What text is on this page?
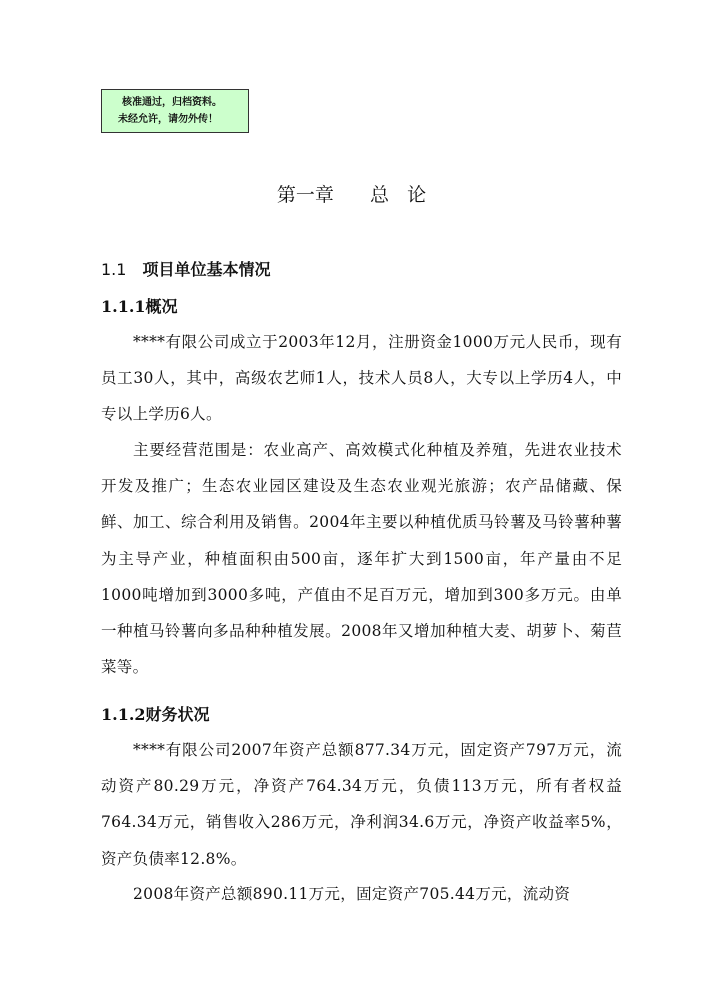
核准通过，归档资料。
未经允许，请勿外传！
第一章      总   论
1.1 项目单位基本情况
1.1.1概况
****有限公司成立于2003年12月，注册资金1000万元人民币，现有员工30人，其中，高级农艺师1人，技术人员8人，大专以上学历4人，中专以上学历6人。
主要经营范围是：农业高产、高效模式化种植及养殖，先进农业技术开发及推广；生态农业园区建设及生态农业观光旅游；农产品储藏、保鲜、加工、综合利用及销售。2004年主要以种植优质马铃薯及马铃薯种薯为主导产业，种植面积由500亩，逐年扩大到1500亩，年产量由不足1000吨增加到3000多吨，产值由不足百万元，增加到300多万元。由单一种植马铃薯向多品种种植发展。2008年又增加种植大麦、胡萝卜、菊苣菜等。
1.1.2财务状况
****有限公司2007年资产总额877.34万元，固定资产797万元，流动资产80.29万元，净资产764.34万元，负债113万元，所有者权益764.34万元，销售收入286万元，净利润34.6万元，净资产收益率5%，资产负债率12.8%。
2008年资产总额890.11万元，固定资产705.44万元，流动资
